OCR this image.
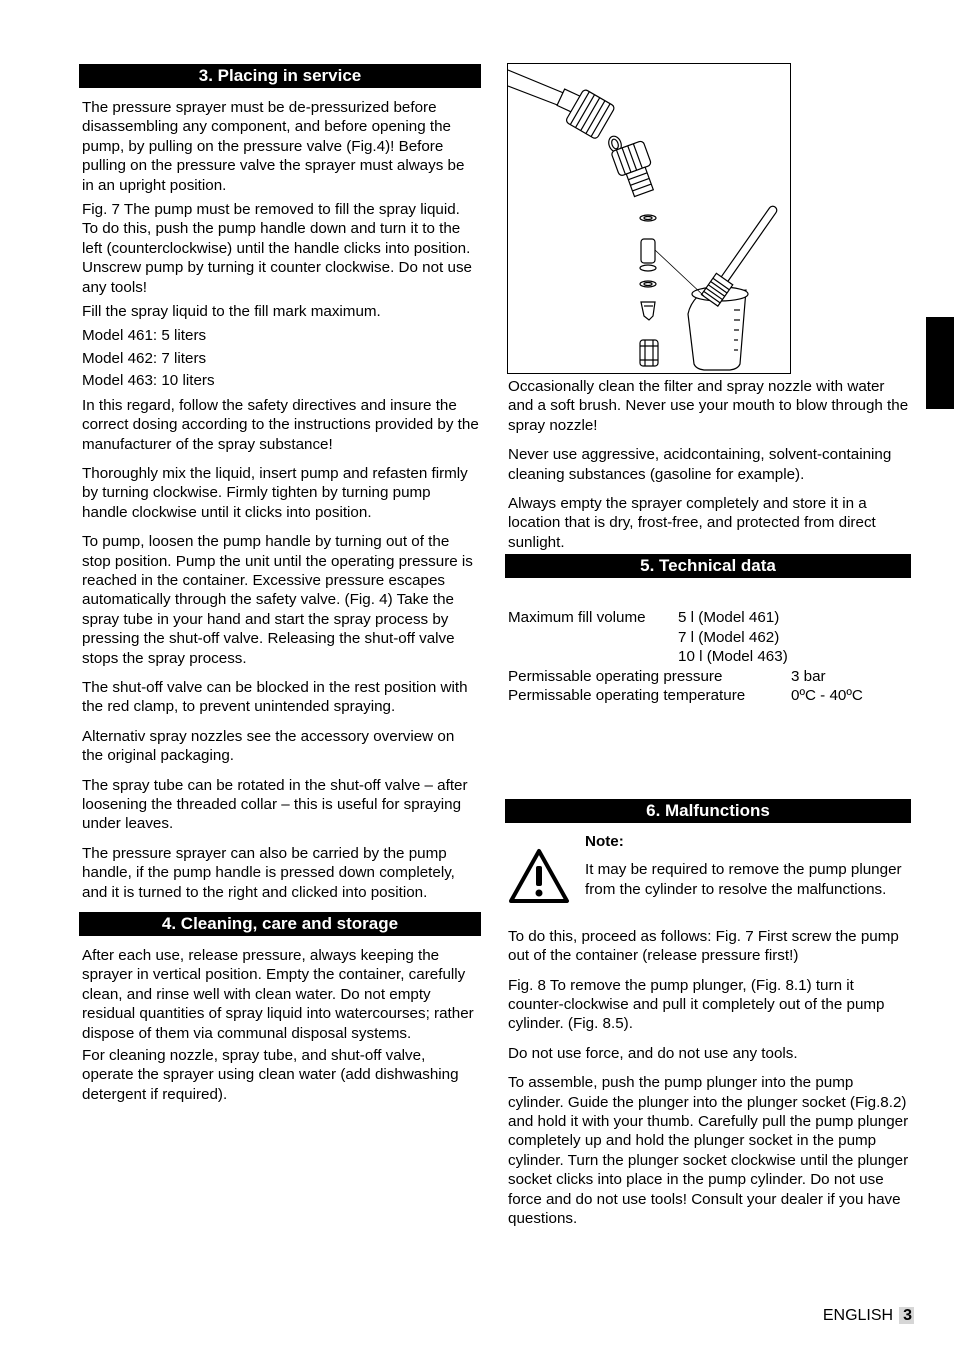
3. Placing in service

The pressure sprayer must be de-pressurized before disassembling any component, and before opening the pump, by pulling on the pressure valve (Fig.4)! Before pulling on the pressure valve the sprayer must always be in an upright position.

Fig. 7 The pump must be removed to fill the spray liquid. To do this, push the pump handle down and turn it to the left (counterclockwise) until the handle clicks into position. Unscrew pump by turning it counter clockwise. Do not use any tools!

Fill the spray liquid to the fill mark maximum.

Model 461: 5 liters

Model 462: 7 liters

Model 463: 10 liters

In this regard, follow the safety directives and insure the correct dosing according to the instructions provided by the manufacturer of the spray substance!

Thoroughly mix the liquid, insert pump and refasten firmly by turning clockwise. Firmly tighten by turning pump handle clockwise until it clicks into position.

To pump, loosen the pump handle by turning out of the stop position. Pump the unit until the operating pressure is reached in the container. Excessive pressure escapes automatically through the safety valve. (Fig. 4) Take the spray tube in your hand and start the spray process by pressing the shut-off valve. Releasing the shut-off valve stops the spray process.

The shut-off valve can be blocked in the rest position with the red clamp, to prevent unintended spraying.

Alternativ spray nozzles see the accessory overview on the original packaging.

The spray tube can be rotated in the shut-off valve – after loosening the threaded collar – this is useful for spraying under leaves.

The pressure sprayer can also be carried by the pump handle, if the pump handle is pressed down completely, and it is turned to the right and clicked into position.

4. Cleaning, care and storage

After each use, release pressure, always keeping the sprayer in vertical position. Empty the container, carefully clean, and rinse well with clean water. Do not empty residual quantities of spray liquid into watercourses; rather dispose of them via communal disposal systems.

For cleaning nozzle, spray tube, and shut-off valve, operate the sprayer using clean water (add dishwashing detergent if required).

Occasionally clean the filter and spray nozzle with water and a soft brush. Never use your mouth to blow through the spray nozzle!

Never use aggressive, acidcontaining, solvent-containing cleaning substances (gasoline for example).

Always empty the sprayer completely and store it in a location that is dry, frost-free, and protected from direct sunlight.

5. Technical data
Maximum fill volume	5 l (Model 461)	
	7 l (Model 462)	
	10 l (Model 463)	
Permissable operating pressure		3 bar
Permissable operating temperature		0ºC - 40ºC
6. Malfunctions

Note:

It may be required to remove the pump plunger from the cylinder to resolve the malfunctions.

To do this, proceed as follows: Fig. 7 First screw the pump out of the container (release pressure first!)

Fig. 8 To remove the pump plunger, (Fig. 8.1) turn it counter-clockwise and pull it completely out of the pump cylinder. (Fig. 8.5).

Do not use force, and do not use any tools.

To assemble, push the pump plunger into the pump cylinder. Guide the plunger into the plunger socket (Fig.8.2) and hold it with your thumb. Carefully pull the pump plunger completely up and hold the plunger socket in the pump cylinder. Turn the plunger socket clockwise until the plunger socket clicks into place in the pump cylinder. Do not use force and do not use tools! Consult your dealer if you have questions.

ENGLISH 3
